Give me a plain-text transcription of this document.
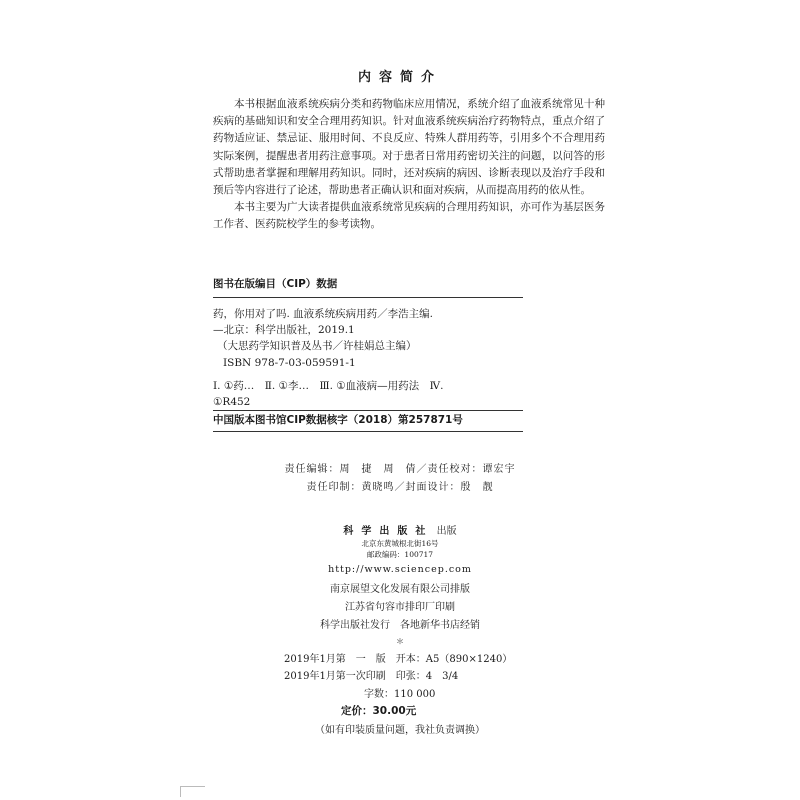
内容简介

本书根据血液系统疾病分类和药物临床应用情况，系统介绍了血液系统常见十种疾病的基础知识和安全合理用药知识。针对血液系统疾病治疗药物特点，重点介绍了药物适应证、禁忌证、服用时间、不良反应、特殊人群用药等，引用多个不合理用药实际案例，提醒患者用药注意事项。对于患者日常用药密切关注的问题，以问答的形式帮助患者掌握和理解用药知识。同时，还对疾病的病因、诊断表现以及治疗手段和预后等内容进行了论述，帮助患者正确认识和面对疾病，从而提高用药的依从性。

本书主要为广大读者提供血液系统常见疾病的合理用药知识，亦可作为基层医务工作者、医药院校学生的参考读物。

图书在版编目（CIP）数据
药，你用对了吗. 血液系统疾病用药／李浩主编.
—北京：科学出版社，2019.1
（大思药学知识普及丛书／许桂娟总主编）
ISBN 978-7-03-059591-1
Ⅰ. ①药…　Ⅱ. ①李…　Ⅲ. ①血液病—用药法　Ⅳ.
①R452
中国版本图书馆CIP数据核字（2018）第257871号
责任编辑：周　捷　周　倩／责任校对：谭宏宇
责任印制：黄晓鸣／封面设计：殷　靓
科学出版社 出版
北京东黄城根北街16号
邮政编码：100717
http://www.sciencep.com
南京展望文化发展有限公司排版
江苏省句容市排印厂印刷
科学出版社发行　各地新华书店经销
＊
2019年1月第　一　版　开本：A5（890×1240）
2019年1月第一次印刷　印张：4　3/4
字数：110 000
定价：30.00元
（如有印装质量问题，我社负责调换）
